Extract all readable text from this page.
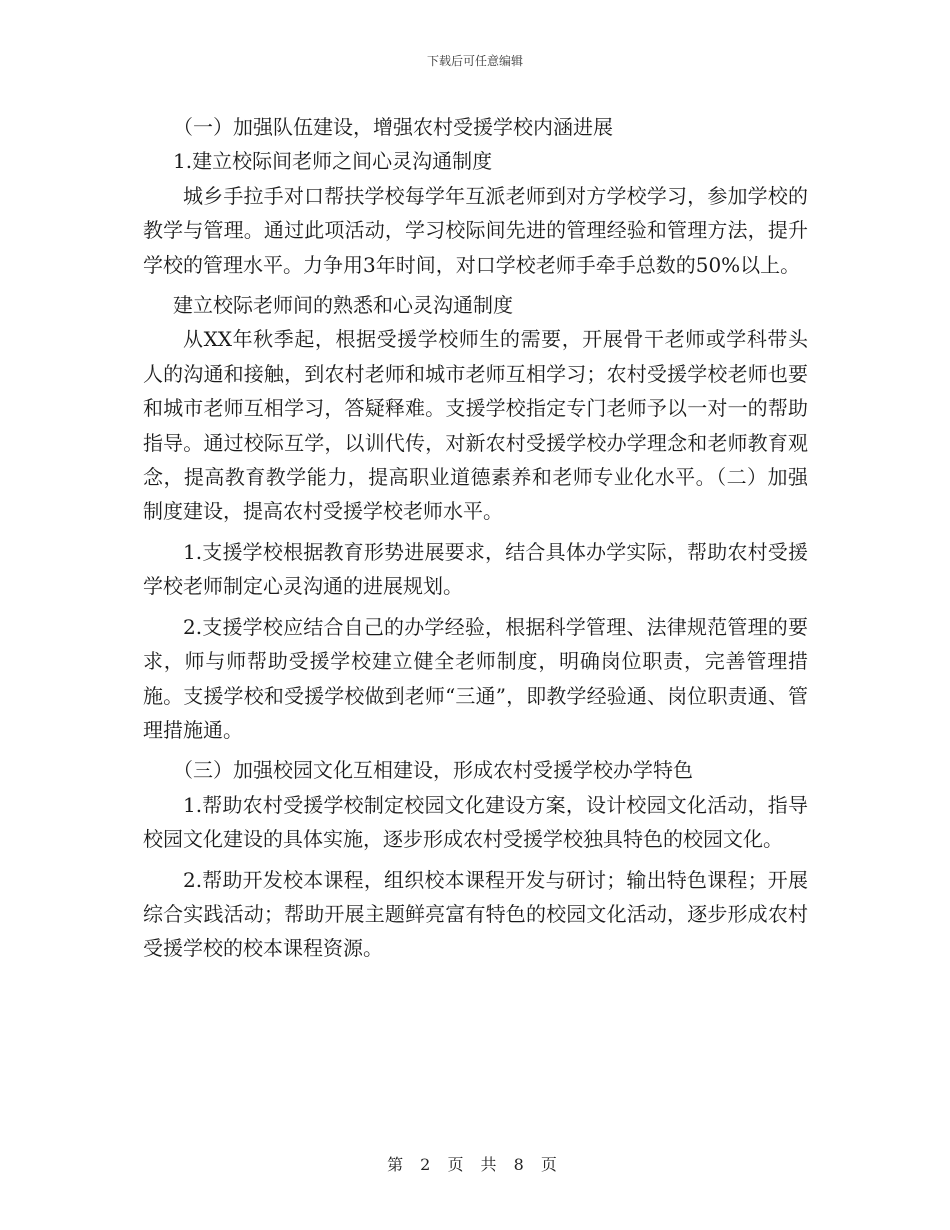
下载后可任意编辑

（一）加强队伍建设，增强农村受援学校内涵进展

1.建立校际间老师之间心灵沟通制度

城乡手拉手对口帮扶学校每学年互派老师到对方学校学习，参加学校的教学与管理。通过此项活动，学习校际间先进的管理经验和管理方法，提升学校的管理水平。力争用3年时间，对口学校老师手牵手总数的50%以上。

建立校际老师间的熟悉和心灵沟通制度

从XX年秋季起，根据受援学校师生的需要，开展骨干老师或学科带头人的沟通和接触，到农村老师和城市老师互相学习；农村受援学校老师也要和城市老师互相学习，答疑释难。支援学校指定专门老师予以一对一的帮助指导。通过校际互学，以训代传，对新农村受援学校办学理念和老师教育观念，提高教育教学能力，提高职业道德素养和老师专业化水平。（二）加强制度建设，提高农村受援学校老师水平。

1.支援学校根据教育形势进展要求，结合具体办学实际，帮助农村受援学校老师制定心灵沟通的进展规划。

2.支援学校应结合自己的办学经验，根据科学管理、法律规范管理的要求，师与师帮助受援学校建立健全老师制度，明确岗位职责，完善管理措施。支援学校和受援学校做到老师“三通”，即教学经验通、岗位职责通、管理措施通。

（三）加强校园文化互相建设，形成农村受援学校办学特色

1.帮助农村受援学校制定校园文化建设方案，设计校园文化活动，指导校园文化建设的具体实施，逐步形成农村受援学校独具特色的校园文化。

2.帮助开发校本课程，组织校本课程开发与研讨；输出特色课程；开展综合实践活动；帮助开展主题鲜亮富有特色的校园文化活动，逐步形成农村受援学校的校本课程资源。

第 2 页 共 8 页
